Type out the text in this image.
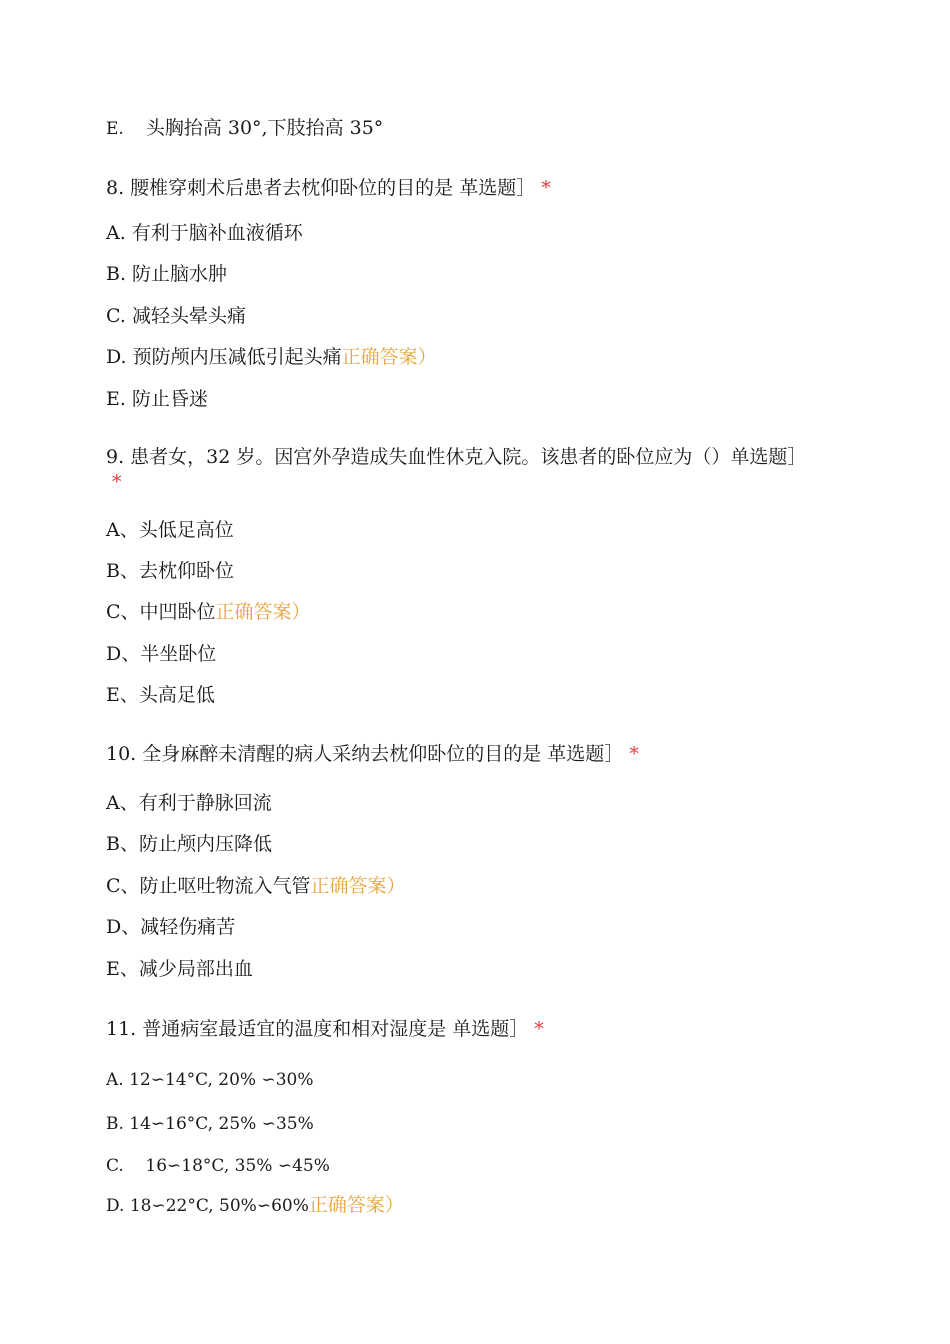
E. 头胸抬高 30°,下肢抬高 35°
8. 腰椎穿刺术后患者去枕仰卧位的目的是 革选题］ *
A. 有利于脑补血液循环
B. 防止脑水肿
C. 减轻头晕头痛
D. 预防颅内压减低引起头痛正确答案）
E. 防止昏迷
9. 患者女，32 岁。因宫外孕造成失血性休克入院。该患者的卧位应为（）单选题］*
A、头低足高位
B、去枕仰卧位
C、中凹卧位正确答案）
D、半坐卧位
E、头高足低
10. 全身麻醉未清醒的病人采纳去枕仰卧位的目的是 革选题］ *
A、有利于静脉回流
B、防止颅内压降低
C、防止呕吐物流入气管正确答案）
D、减轻伤痛苦
E、减少局部出血
11. 普通病室最适宜的温度和相对湿度是 单选题］ *
A. 12∽14°C, 20% ∽30%
B. 14∽16°C, 25% ∽35%
C.    16∽18°C, 35% ∽45%
D. 18∽22°C, 50%∽60%正确答案）
